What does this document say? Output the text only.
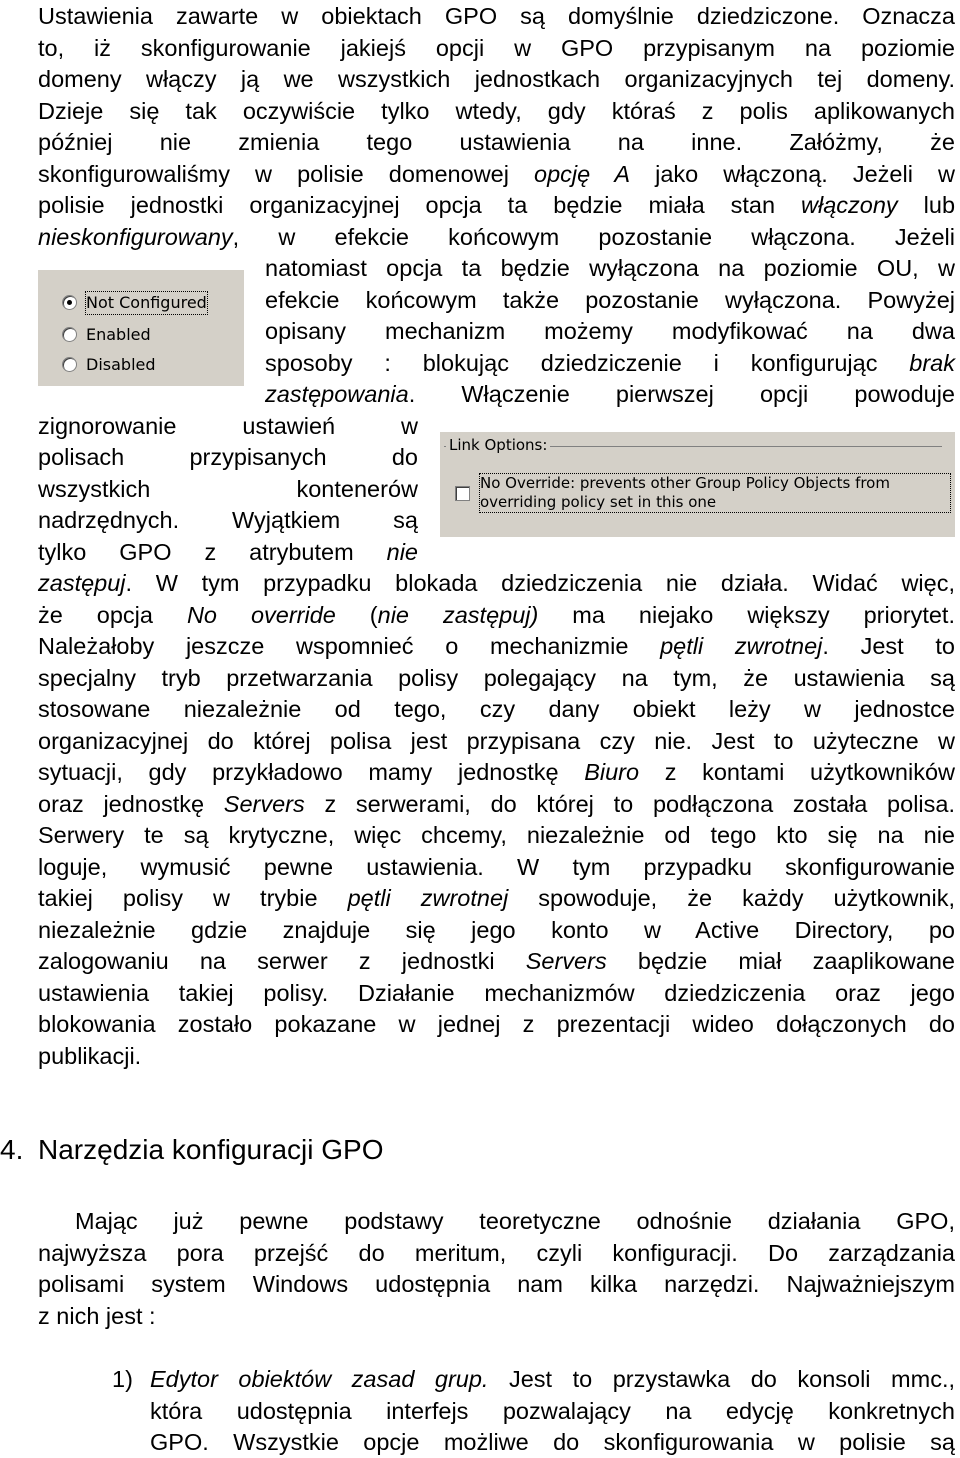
Ustawienia zawarte w obiektach GPO są domyślnie dziedziczone. Oznacza
to, iż skonfigurowanie jakiejś opcji w GPO przypisanym na poziomie
domeny włączy ją we wszystkich jednostkach organizacyjnych tej domeny.
Dzieje się tak oczywiście tylko wtedy, gdy któraś z polis aplikowanych
później nie zmienia tego ustawienia na inne. Załóżmy, że
skonfigurowaliśmy w polisie domenowej opcję A jako włączoną. Jeżeli w
polisie jednostki organizacyjnej opcja ta będzie miała stan włączony lub
nieskonfigurowany, w efekcie końcowym pozostanie włączona. Jeżeli
natomiast opcja ta będzie wyłączona na poziomie OU, w
efekcie końcowym także pozostanie wyłączona. Powyżej
opisany mechanizm możemy modyfikować na dwa
sposoby : blokując dziedziczenie i konfigurując brak
zastępowania. Włączenie pierwszej opcji powoduje
zignorowanie ustawień w
polisach przypisanych do
wszystkich kontenerów
nadrzędnych. Wyjątkiem są
tylko GPO z atrybutem nie
zastępuj. W tym przypadku blokada dziedziczenia nie działa. Widać więc,
że opcja No override (nie zastępuj) ma niejako większy priorytet.
Należałoby jeszcze wspomnieć o mechanizmie pętli zwrotnej. Jest to
specjalny tryb przetwarzania polisy polegający na tym, że ustawienia są
stosowane niezależnie od tego, czy dany obiekt leży w jednostce
organizacyjnej do której polisa jest przypisana czy nie. Jest to użyteczne w
sytuacji, gdy przykładowo mamy jednostkę Biuro z kontami użytkowników
oraz jednostkę Servers z serwerami, do której to podłączona została polisa.
Serwery te są krytyczne, więc chcemy, niezależnie od tego kto się na nie
loguje, wymusić pewne ustawienia. W tym przypadku skonfigurowanie
takiej polisy w trybie pętli zwrotnej spowoduje, że każdy użytkownik,
niezależnie gdzie znajduje się jego konto w Active Directory, po
zalogowaniu na serwer z jednostki Servers będzie miał zaaplikowane
ustawienia takiej polisy. Działanie mechanizmów dziedziczenia oraz jego
blokowania zostało pokazane w jednej z prezentacji wideo dołączonych do
publikacji.
Not Configured
Enabled
Disabled
Link Options:
No Override: prevents other Group Policy Objects from
overriding policy set in this one
4. Narzędzia konfiguracji GPO
Mając już pewne podstawy teoretyczne odnośnie działania GPO,
najwyższa pora przejść do meritum, czyli konfiguracji. Do zarządzania
polisami system Windows udostępnia nam kilka narzędzi. Najważniejszym
z nich jest :
1) Edytor obiektów zasad grup. Jest to przystawka do konsoli mmc.,
która udostępnia interfejs pozwalający na edycję konkretnych
GPO. Wszystkie opcje możliwe do skonfigurowania w polisie są
